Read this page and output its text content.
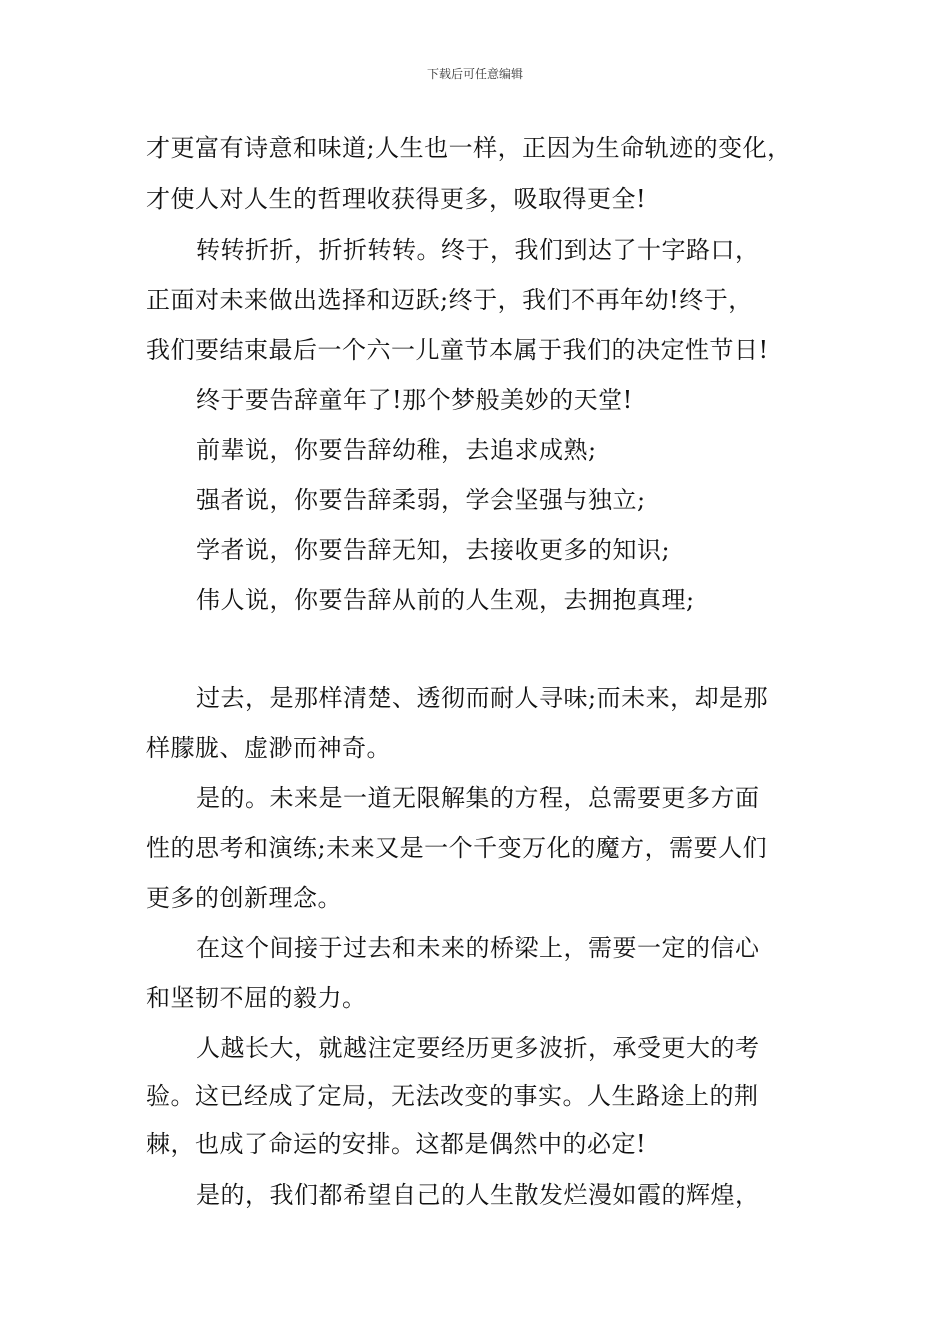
下载后可任意编辑
才更富有诗意和味道;人生也一样，正因为生命轨迹的变化，
才使人对人生的哲理收获得更多，吸取得更全!
转转折折，折折转转。终于，我们到达了十字路口，
正面对未来做出选择和迈跃;终于，我们不再年幼!终于，
我们要结束最后一个六一儿童节本属于我们的决定性节日!
终于要告辞童年了!那个梦般美妙的天堂!
前辈说，你要告辞幼稚，去追求成熟;
强者说，你要告辞柔弱，学会坚强与独立;
学者说，你要告辞无知，去接收更多的知识;
伟人说，你要告辞从前的人生观，去拥抱真理;
过去，是那样清楚、透彻而耐人寻味;而未来，却是那
样朦胧、虚渺而神奇。
是的。未来是一道无限解集的方程，总需要更多方面
性的思考和演练;未来又是一个千变万化的魔方，需要人们
更多的创新理念。
在这个间接于过去和未来的桥梁上，需要一定的信心
和坚韧不屈的毅力。
人越长大，就越注定要经历更多波折，承受更大的考
验。这已经成了定局，无法改变的事实。人生路途上的荆
棘，也成了命运的安排。这都是偶然中的必定!
是的，我们都希望自己的人生散发烂漫如霞的辉煌，
